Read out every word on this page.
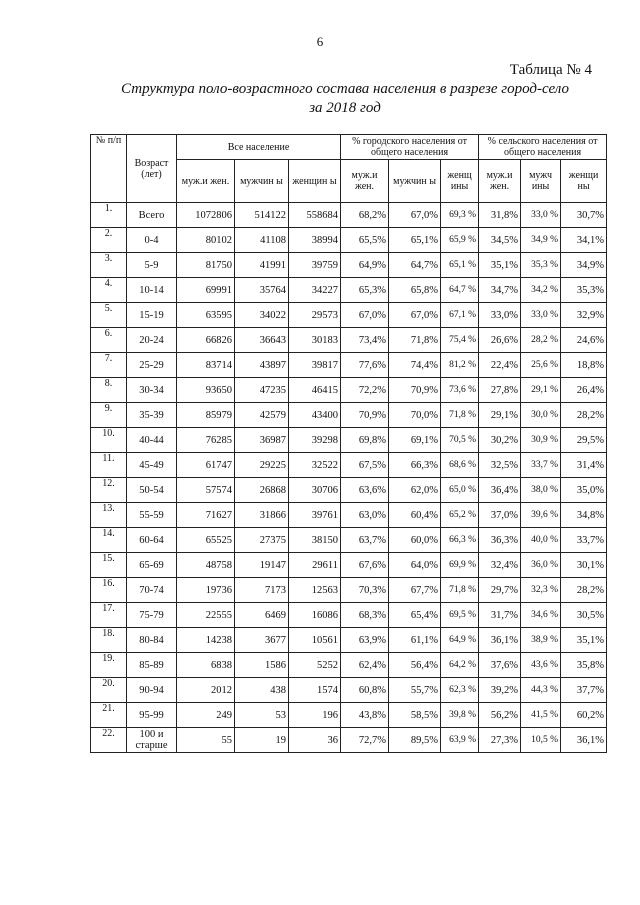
6
Таблица № 4
Структура поло-возрастного состава населения в разрезе город-село
за 2018 год
№ п/п	Возраст (лет)	Все население			% городского населения от общего населения			% сельского населения от общего населения		
		муж.и жен.	мужчин ы	женщин ы	муж.и жен.	мужчин ы	женщ ины	муж.и жен.	мужч ины	женщи ны
1.	Всего	1072806	514122	558684	68,2%	67,0%	69,3 %	31,8%	33,0 %	30,7%
2.	0-4	80102	41108	38994	65,5%	65,1%	65,9 %	34,5%	34,9 %	34,1%
3.	5-9	81750	41991	39759	64,9%	64,7%	65,1 %	35,1%	35,3 %	34,9%
4.	10-14	69991	35764	34227	65,3%	65,8%	64,7 %	34,7%	34,2 %	35,3%
5.	15-19	63595	34022	29573	67,0%	67,0%	67,1 %	33,0%	33,0 %	32,9%
6.	20-24	66826	36643	30183	73,4%	71,8%	75,4 %	26,6%	28,2 %	24,6%
7.	25-29	83714	43897	39817	77,6%	74,4%	81,2 %	22,4%	25,6 %	18,8%
8.	30-34	93650	47235	46415	72,2%	70,9%	73,6 %	27,8%	29,1 %	26,4%
9.	35-39	85979	42579	43400	70,9%	70,0%	71,8 %	29,1%	30,0 %	28,2%
10.	40-44	76285	36987	39298	69,8%	69,1%	70,5 %	30,2%	30,9 %	29,5%
11.	45-49	61747	29225	32522	67,5%	66,3%	68,6 %	32,5%	33,7 %	31,4%
12.	50-54	57574	26868	30706	63,6%	62,0%	65,0 %	36,4%	38,0 %	35,0%
13.	55-59	71627	31866	39761	63,0%	60,4%	65,2 %	37,0%	39,6 %	34,8%
14.	60-64	65525	27375	38150	63,7%	60,0%	66,3 %	36,3%	40,0 %	33,7%
15.	65-69	48758	19147	29611	67,6%	64,0%	69,9 %	32,4%	36,0 %	30,1%
16.	70-74	19736	7173	12563	70,3%	67,7%	71,8 %	29,7%	32,3 %	28,2%
17.	75-79	22555	6469	16086	68,3%	65,4%	69,5 %	31,7%	34,6 %	30,5%
18.	80-84	14238	3677	10561	63,9%	61,1%	64,9 %	36,1%	38,9 %	35,1%
19.	85-89	6838	1586	5252	62,4%	56,4%	64,2 %	37,6%	43,6 %	35,8%
20.	90-94	2012	438	1574	60,8%	55,7%	62,3 %	39,2%	44,3 %	37,7%
21.	95-99	249	53	196	43,8%	58,5%	39,8 %	56,2%	41,5 %	60,2%
22.	100 и старше	55	19	36	72,7%	89,5%	63,9 %	27,3%	10,5 %	36,1%
